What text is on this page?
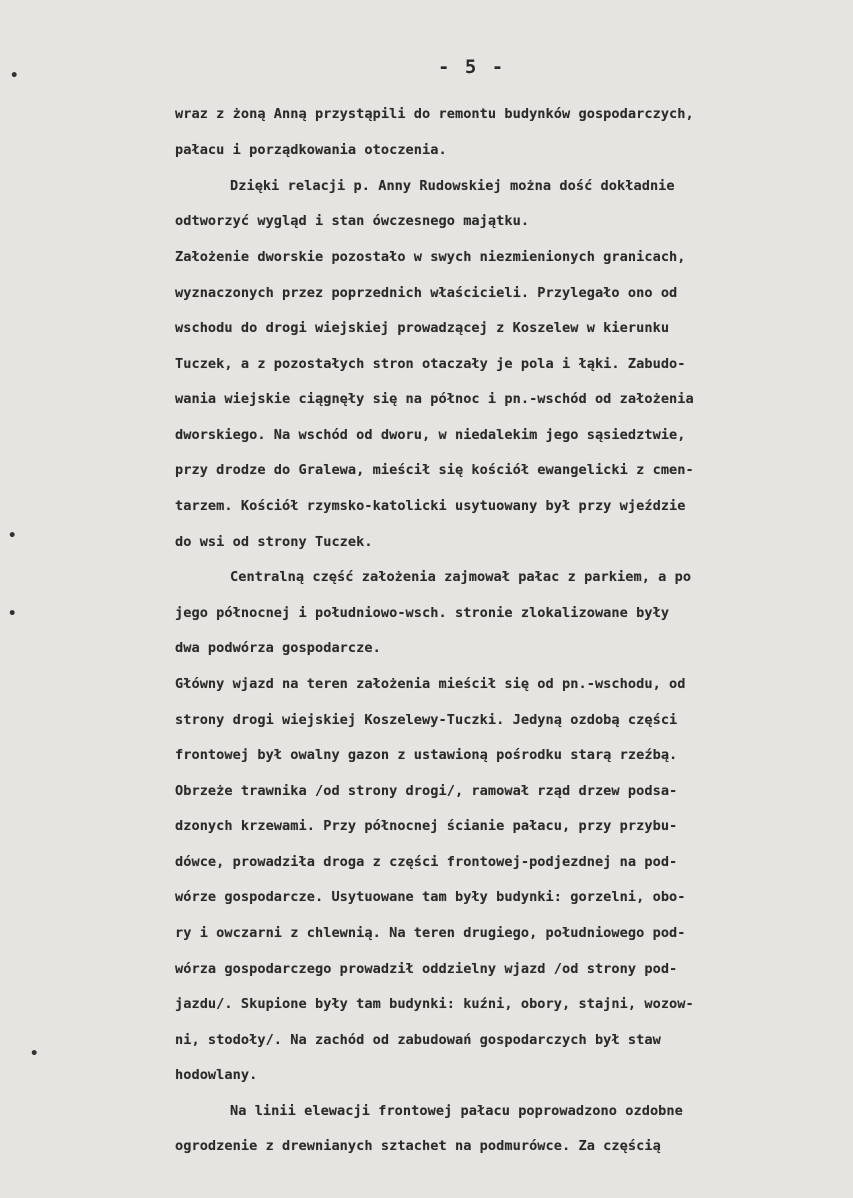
•
•
•
•
- 5 -
wraz z żoną Anną przystąpili do remontu budynków gospodarczych,
pałacu i porządkowania otoczenia.
Dzięki relacji p. Anny Rudowskiej można dość dokładnie
odtworzyć wygląd i stan ówczesnego majątku.
Założenie dworskie pozostało w swych niezmienionych granicach,
wyznaczonych przez poprzednich właścicieli. Przylegało ono od
wschodu do drogi wiejskiej prowadzącej z Koszelew w kierunku
Tuczek, a z pozostałych stron otaczały je pola i łąki. Zabudo-
wania wiejskie ciągnęły się na północ i pn.-wschód od założenia
dworskiego. Na wschód od dworu, w niedalekim jego sąsiedztwie,
przy drodze do Gralewa, mieścił się kościół ewangelicki z cmen-
tarzem. Kościół rzymsko-katolicki usytuowany był przy wjeździe
do wsi od strony Tuczek.
Centralną część założenia zajmował pałac z parkiem, a po
jego północnej i południowo-wsch. stronie zlokalizowane były
dwa podwórza gospodarcze.
Główny wjazd na teren założenia mieścił się od pn.-wschodu, od
strony drogi wiejskiej Koszelewy-Tuczki. Jedyną ozdobą części
frontowej był owalny gazon z ustawioną pośrodku starą rzeźbą.
Obrzeże trawnika /od strony drogi/, ramował rząd drzew podsa-
dzonych krzewami. Przy północnej ścianie pałacu, przy przybu-
dówce, prowadziła droga z części frontowej-podjezdnej na pod-
wórze gospodarcze. Usytuowane tam były budynki: gorzelni, obo-
ry i owczarni z chlewnią. Na teren drugiego, południowego pod-
wórza gospodarczego prowadził oddzielny wjazd /od strony pod-
jazdu/. Skupione były tam budynki: kuźni, obory, stajni, wozow-
ni, stodoły/. Na zachód od zabudowań gospodarczych był staw
hodowlany.
Na linii elewacji frontowej pałacu poprowadzono ozdobne
ogrodzenie z drewnianych sztachet na podmurówce. Za częścią
